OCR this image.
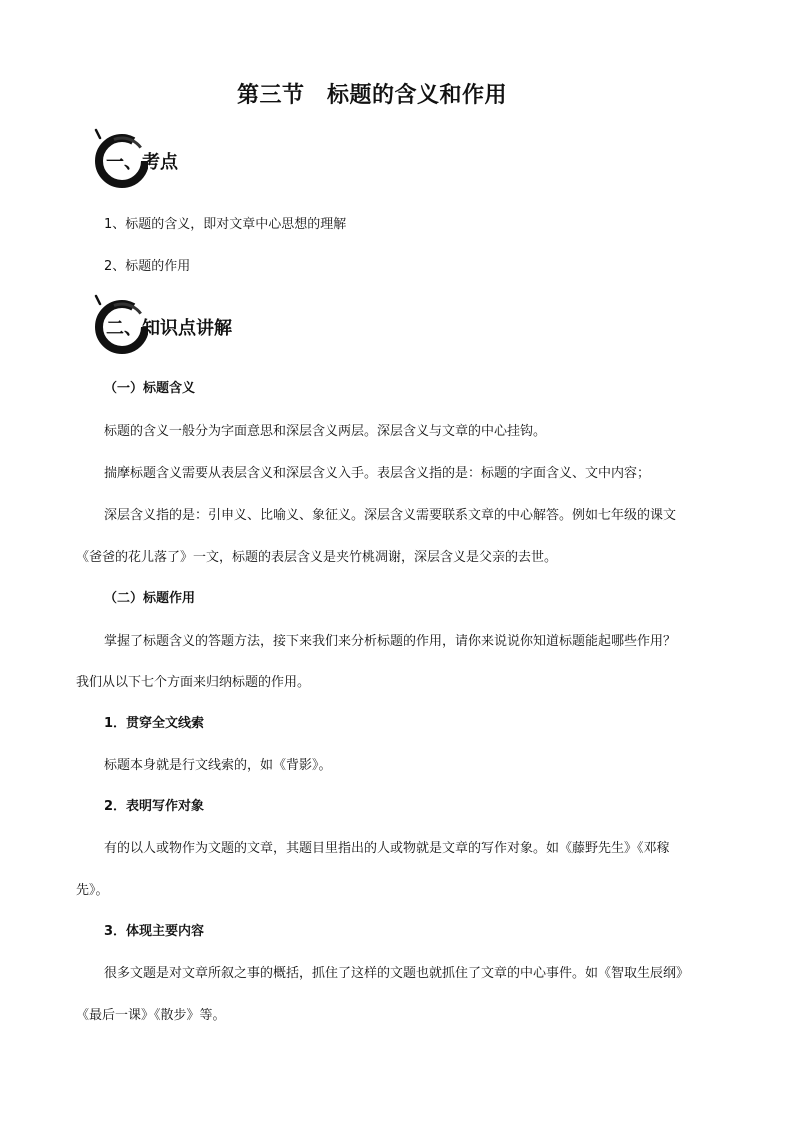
第三节　标题的含义和作用
一、考点
1、标题的含义，即对文章中心思想的理解
2、标题的作用
二、知识点讲解
（一）标题含义
标题的含义一般分为字面意思和深层含义两层。深层含义与文章的中心挂钩。
揣摩标题含义需要从表层含义和深层含义入手。表层含义指的是：标题的字面含义、文中内容；
深层含义指的是：引申义、比喻义、象征义。深层含义需要联系文章的中心解答。例如七年级的课文
《爸爸的花儿落了》一文，标题的表层含义是夹竹桃凋谢，深层含义是父亲的去世。
（二）标题作用
掌握了标题含义的答题方法，接下来我们来分析标题的作用，请你来说说你知道标题能起哪些作用？
我们从以下七个方面来归纳标题的作用。
1．贯穿全文线索
标题本身就是行文线索的，如《背影》。
2．表明写作对象
有的以人或物作为文题的文章，其题目里指出的人或物就是文章的写作对象。如《藤野先生》《邓稼
先》。
3．体现主要内容
很多文题是对文章所叙之事的概括，抓住了这样的文题也就抓住了文章的中心事件。如《智取生辰纲》
《最后一课》《散步》等。
